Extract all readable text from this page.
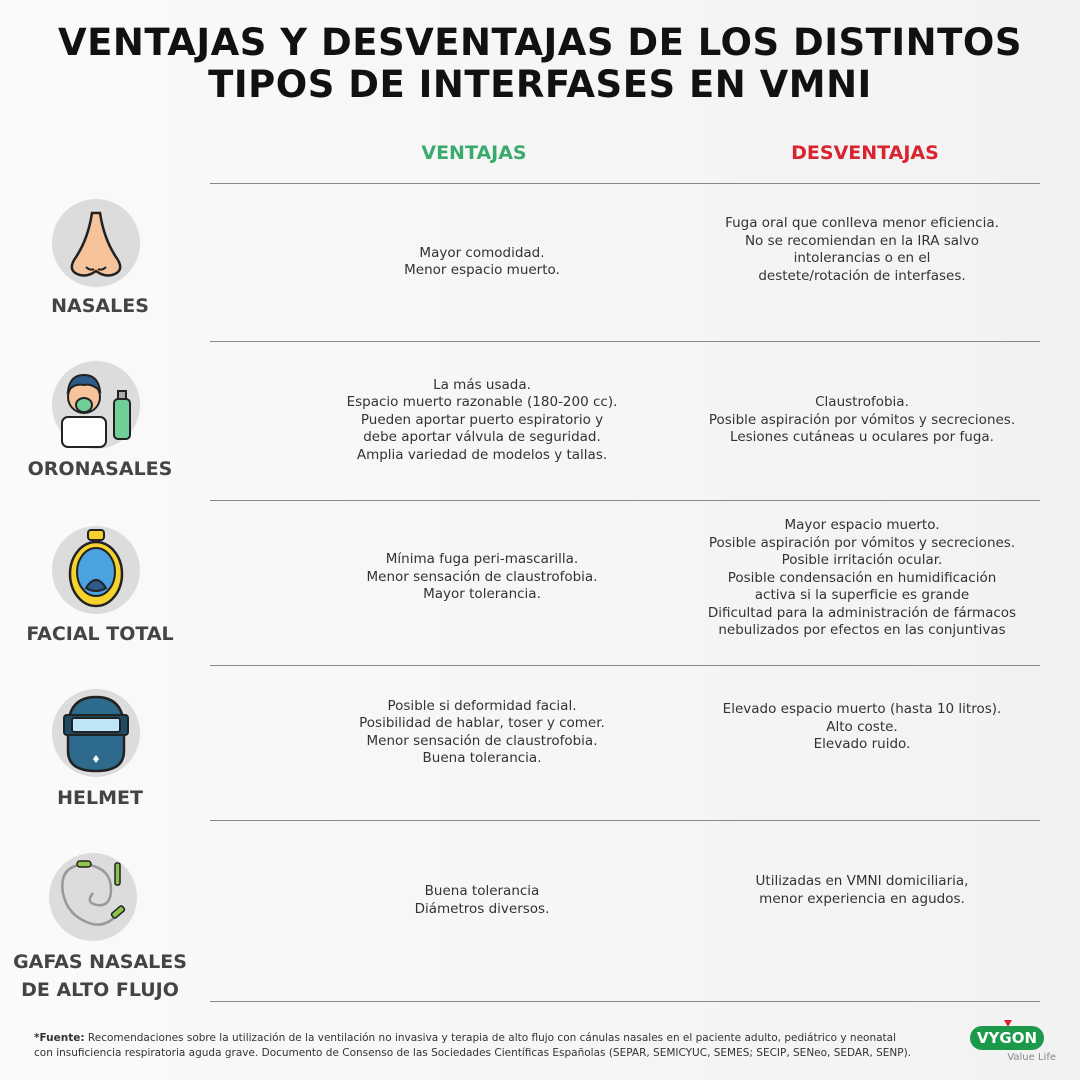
VENTAJAS Y DESVENTAJAS DE LOS DISTINTOS
TIPOS DE INTERFASES EN VMNI
VENTAJAS	DESVENTAJAS
NASALES
Mayor comodidad.
Menor espacio muerto.
Fuga oral que conlleva menor eficiencia.
No se recomiendan en la IRA salvo
intolerancias o en el
destete/rotación de interfases.
ORONASALES
La más usada.
Espacio muerto razonable (180-200 cc).
Pueden aportar puerto espiratorio y
debe aportar válvula de seguridad.
Amplia variedad de modelos y tallas.
Claustrofobia.
Posible aspiración por vómitos y secreciones.
Lesiones cutáneas u oculares por fuga.
FACIAL TOTAL
Mínima fuga peri-mascarilla.
Menor sensación de claustrofobia.
Mayor tolerancia.
Mayor espacio muerto.
Posible aspiración por vómitos y secreciones.
Posible irritación ocular.
Posible condensación en humidificación
activa si la superficie es grande
Dificultad para la administración de fármacos
nebulizados por efectos en las conjuntivas
HELMET
Posible si deformidad facial.
Posibilidad de hablar, toser y comer.
Menor sensación de claustrofobia.
Buena tolerancia.
Elevado espacio muerto (hasta 10 litros).
Alto coste.
Elevado ruido.
GAFAS NASALES
DE ALTO FLUJO
Buena tolerancia
Diámetros diversos.
Utilizadas en VMNI domiciliaria,
menor experiencia en agudos.
*Fuente: Recomendaciones sobre la utilización de la ventilación no invasiva y terapia de alto flujo con cánulas nasales en el paciente adulto, pediátrico y neonatal con insuficiencia respiratoria aguda grave. Documento de Consenso de las Sociedades Científicas Españolas (SEPAR, SEMICYUC, SEMES; SECIP, SENeo, SEDAR, SENP).
VYGON
Value Life
